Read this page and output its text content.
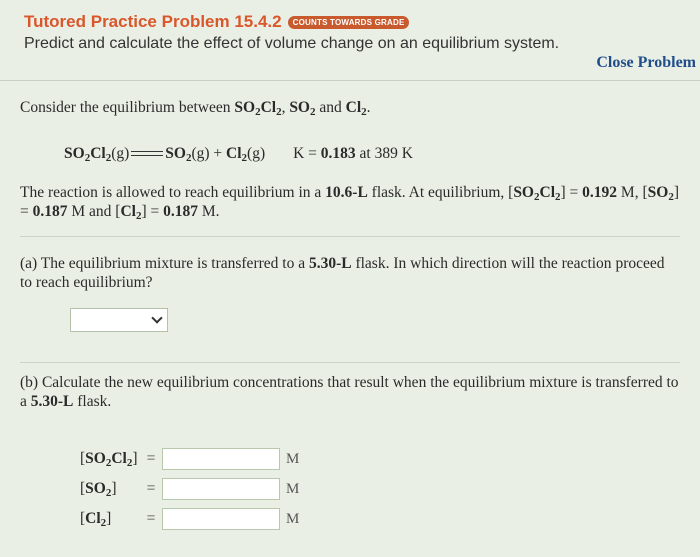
Tutored Practice Problem 15.4.2	COUNTS TOWARDS GRADE
Predict and calculate the effect of volume change on an equilibrium system.
Close Problem
Consider the equilibrium between $SO_2Cl_2$, $SO_2$ and $Cl_2$.
$SO_2Cl_2(g) SO_2(g) + Cl_2(g) K = 0.183$ at 389 K
The reaction is allowed to reach equilibrium in a 10.6-L flask. At equilibrium, $[SO_2Cl_2] = 0.192$ M, $[SO_2] = 0.187$ M and $[Cl_2] = 0.187$ M.
(a) The equilibrium mixture is transferred to a 5.30-L flask. In which direction will the reaction proceed to reach equilibrium?
(b) Calculate the new equilibrium concentrations that result when the equilibrium mixture is transferred to a 5.30-L flask.
$[SO_2Cl_2]$ =	M
$[SO_2]$	=	M
$[Cl_2]$	=	M
